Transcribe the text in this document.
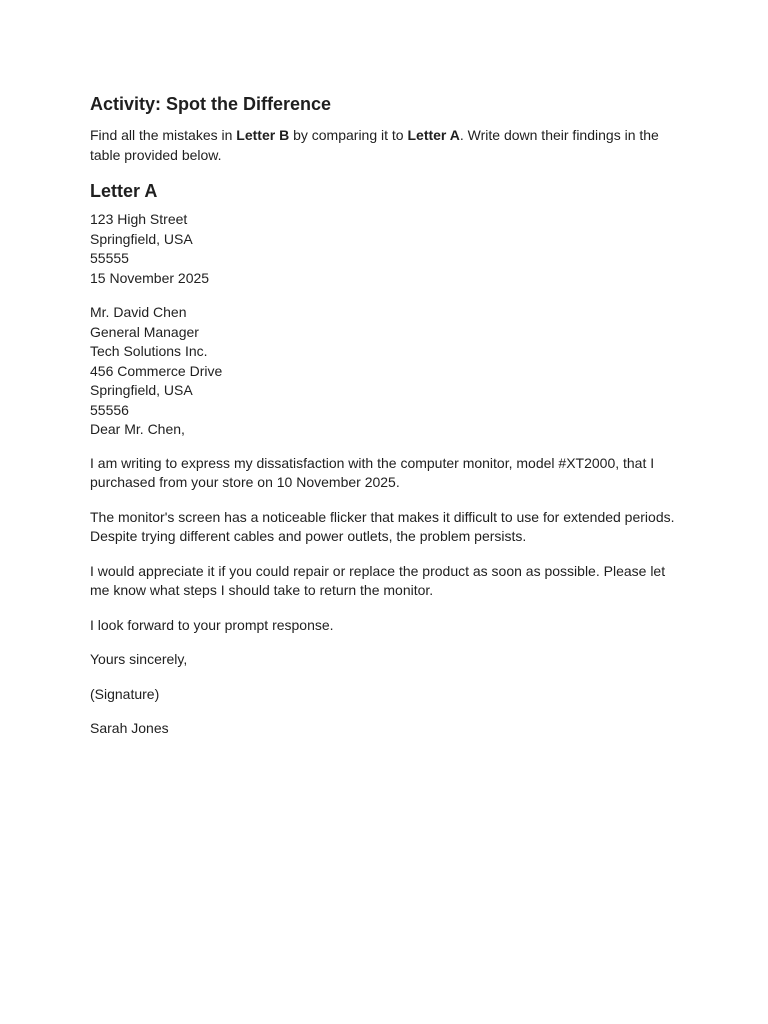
Activity: Spot the Difference

Find all the mistakes in Letter B by comparing it to Letter A. Write down their findings in the table provided below.

Letter A
123 High Street
Springfield, USA
55555
15 November 2025
Mr. David Chen
General Manager
Tech Solutions Inc.
456 Commerce Drive
Springfield, USA
55556
Dear Mr. Chen,

I am writing to express my dissatisfaction with the computer monitor, model #XT2000, that I purchased from your store on 10 November 2025.

The monitor's screen has a noticeable flicker that makes it difficult to use for extended periods. Despite trying different cables and power outlets, the problem persists.

I would appreciate it if you could repair or replace the product as soon as possible. Please let me know what steps I should take to return the monitor.

I look forward to your prompt response.

Yours sincerely,

(Signature)

Sarah Jones
